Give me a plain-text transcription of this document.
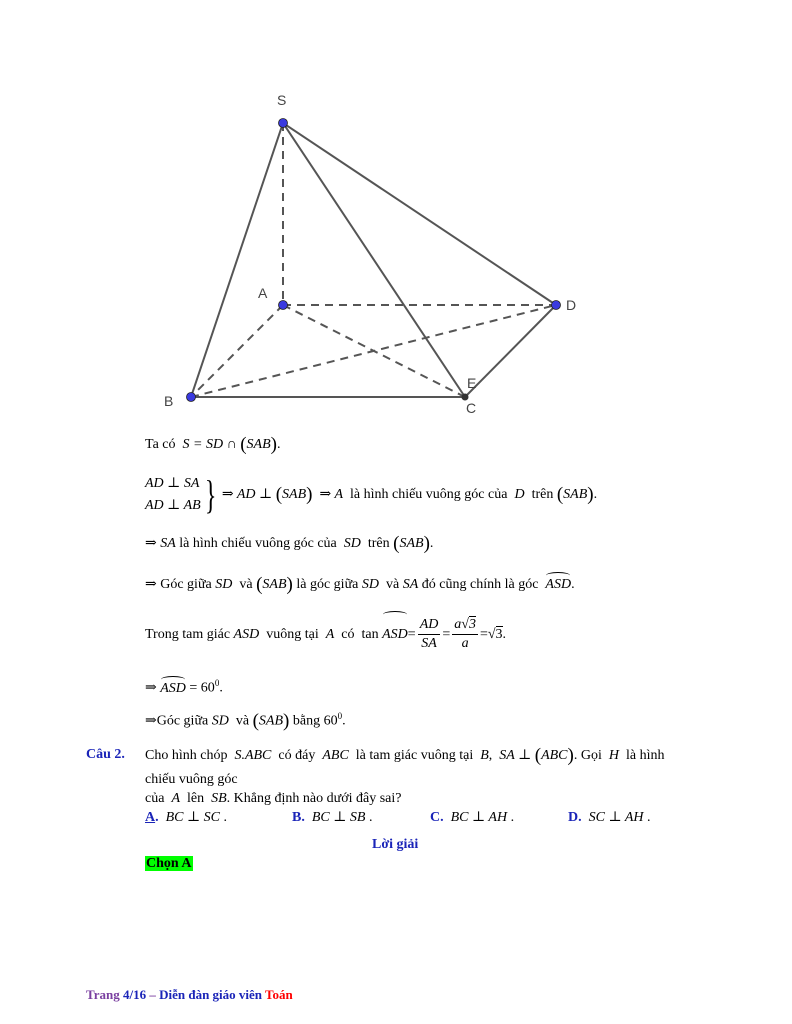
S
A
B
D
C
E
Ta có S = SD ∩ (SAB).
AD ⊥ SA
AD ⊥ AB } ⇒ AD ⊥ (SAB) ⇒ A là hình chiếu vuông góc của D trên (SAB).
⇒ SA là hình chiếu vuông góc của SD trên (SAB).
⇒ Góc giữa SD và (SAB) là góc giữa SD và SA đó cũng chính là góc ASD.
Trong tam giác ASD vuông tại A có $\tan ASD= \frac{AD}{SA} = \frac{a√3}{a} =√3$.
⇒ ASD = $60^0$.
⇒Góc giữa SD và (SAB) bằng $60^0$.
Câu 2. Cho hình chóp S.ABC có đáy ABC là tam giác vuông tại B, SA ⊥ (ABC). Gọi H là hình
chiếu vuông góc
của A lên SB. Khẳng định nào dưới đây sai?
A. BC ⊥ SC .	B. BC ⊥ SB .	C. BC ⊥ AH .	D. SC ⊥ AH .
Lời giải
Chọn A
Trang 4/16 – Diễn đàn giáo viên Toán
